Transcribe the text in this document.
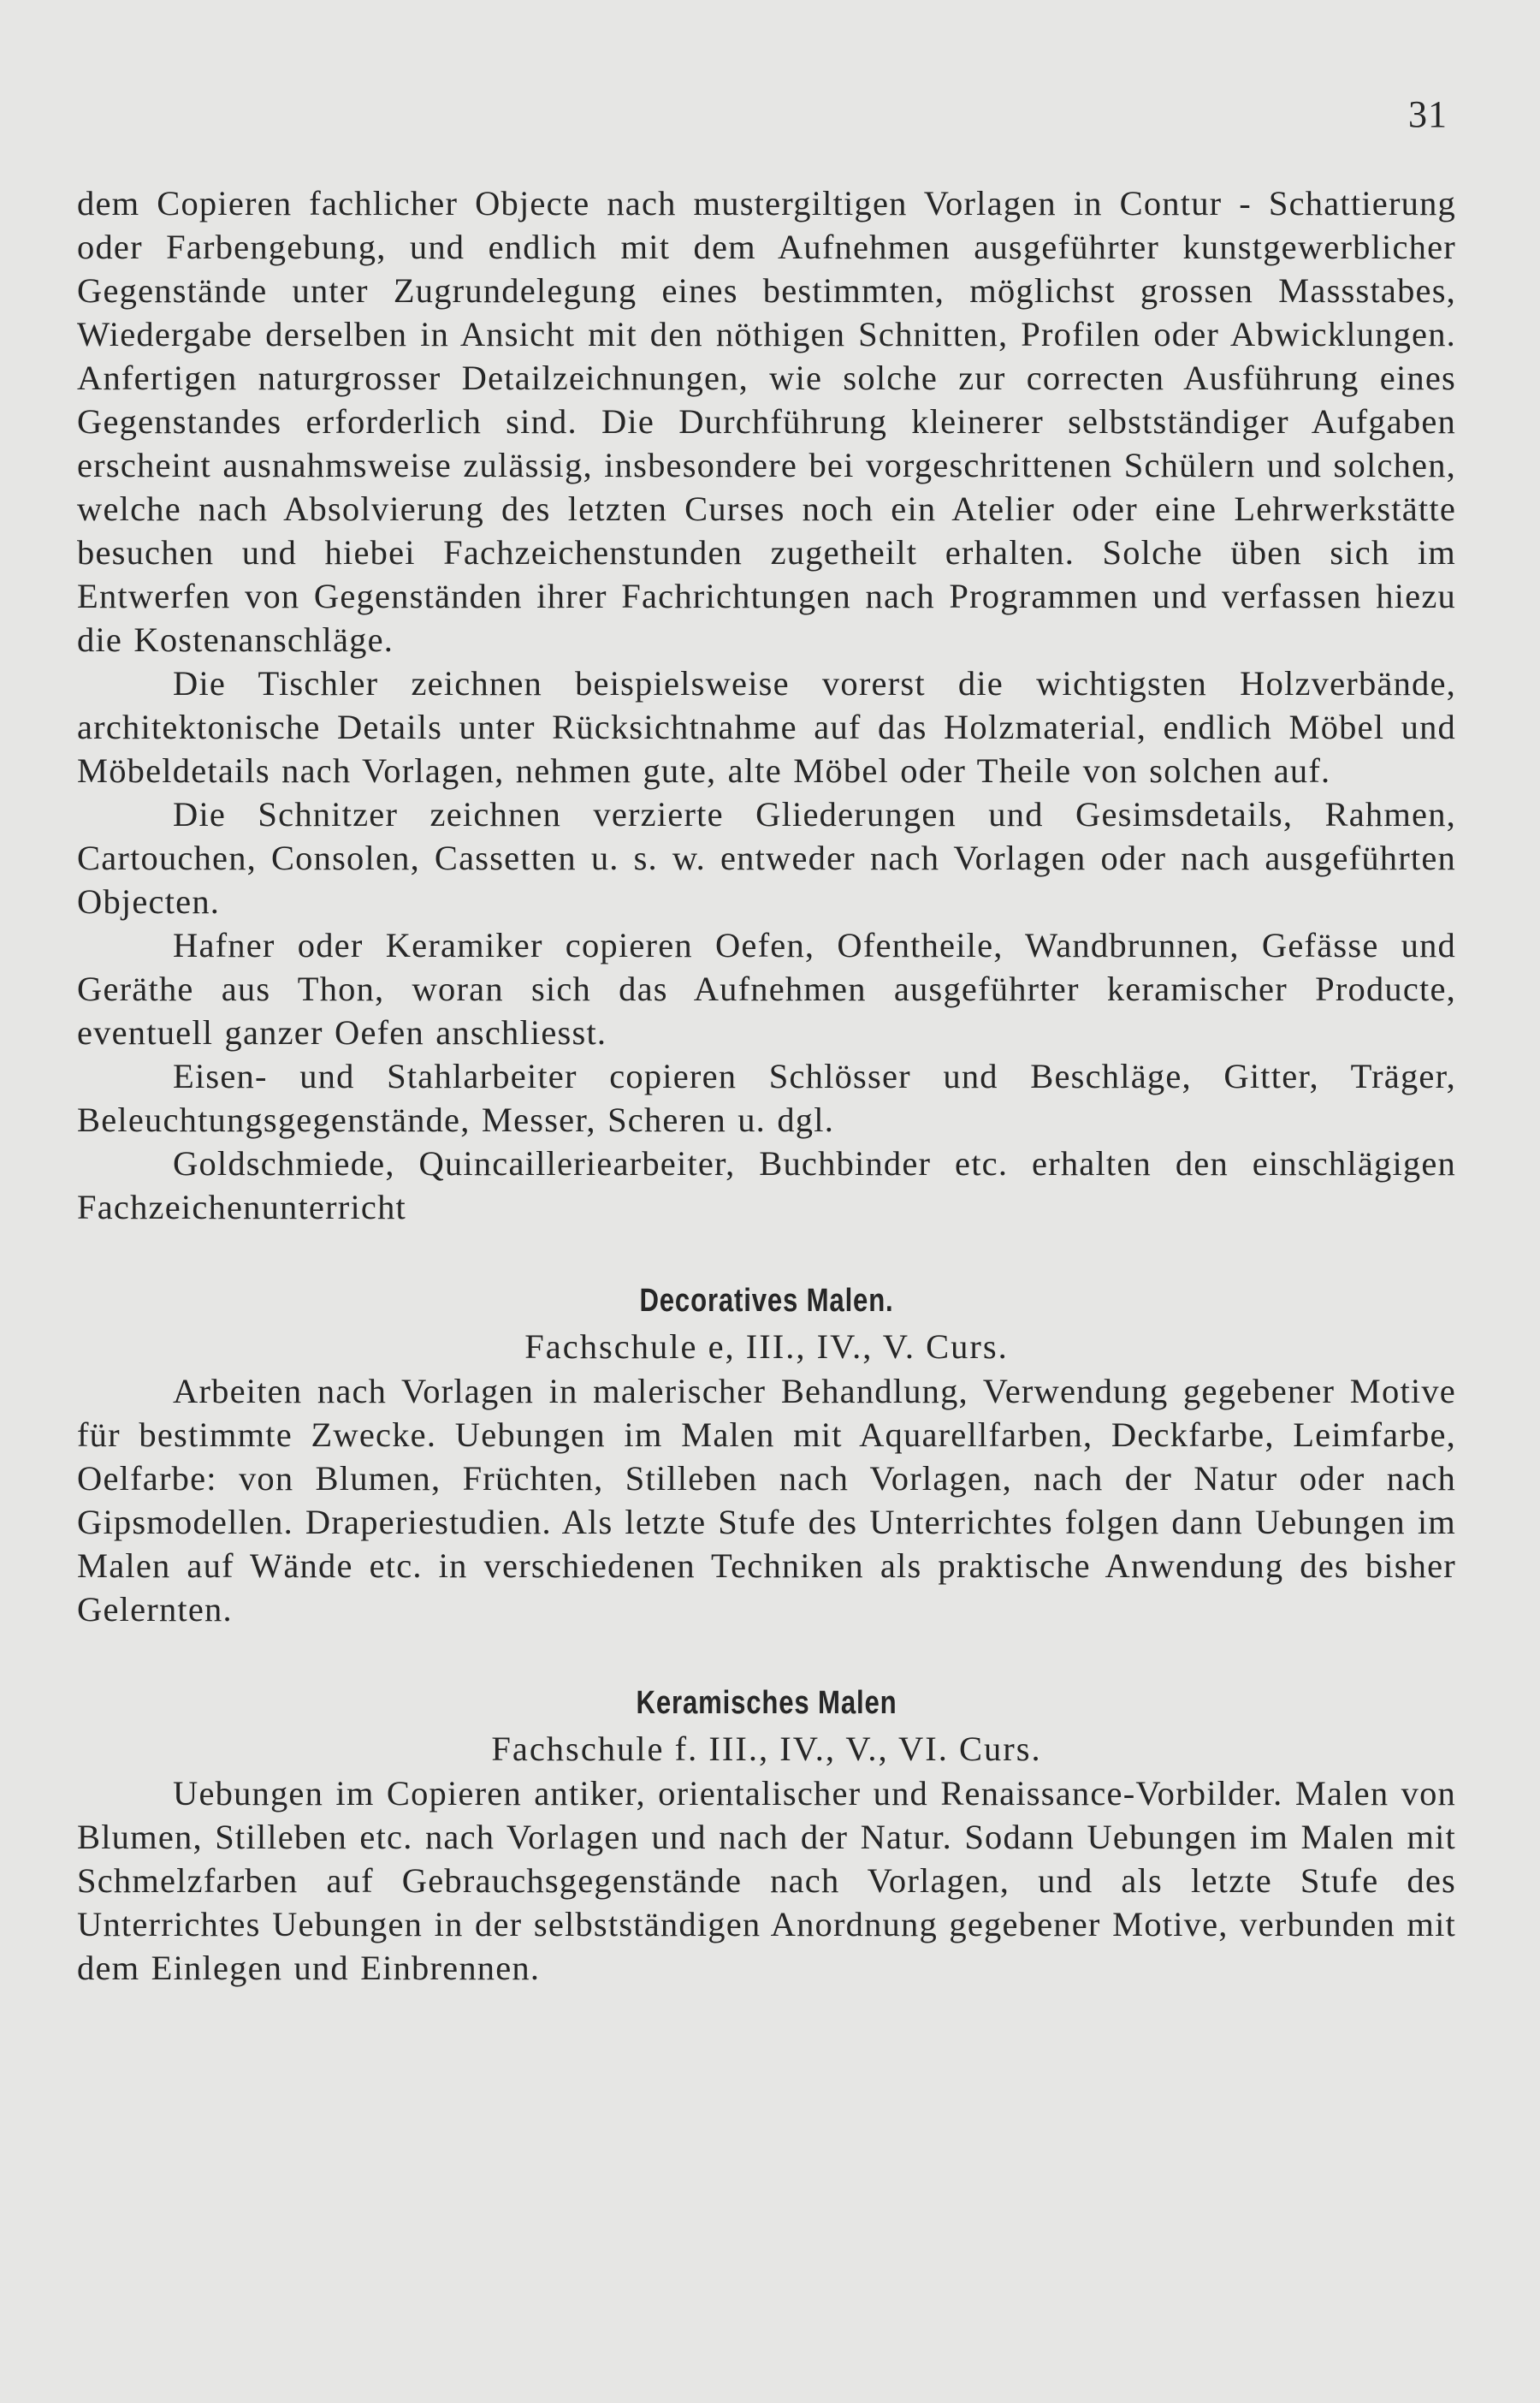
31

dem Copieren fachlicher Objecte nach mustergiltigen Vorlagen in Contur - Schattierung oder Farbengebung, und endlich mit dem Aufnehmen ausgeführter kunstgewerblicher Gegenstände unter Zugrundelegung eines bestimmten, möglichst grossen Massstabes, Wiedergabe derselben in Ansicht mit den nöthigen Schnitten, Profilen oder Abwicklungen. Anfertigen naturgrosser Detailzeichnungen, wie solche zur correcten Ausführung eines Gegenstandes erforderlich sind. Die Durchführung kleinerer selbstständiger Aufgaben erscheint ausnahmsweise zulässig, insbesondere bei vorgeschrittenen Schülern und solchen, welche nach Absolvierung des letzten Curses noch ein Atelier oder eine Lehrwerkstätte besuchen und hiebei Fachzeichenstunden zugetheilt erhalten. Solche üben sich im Entwerfen von Gegenständen ihrer Fachrichtungen nach Programmen und verfassen hiezu die Kostenanschläge.

Die Tischler zeichnen beispielsweise vorerst die wichtigsten Holzverbände, architektonische Details unter Rücksichtnahme auf das Holzmaterial, endlich Möbel und Möbeldetails nach Vorlagen, nehmen gute, alte Möbel oder Theile von solchen auf.

Die Schnitzer zeichnen verzierte Gliederungen und Gesimsdetails, Rahmen, Cartouchen, Consolen, Cassetten u. s. w. entweder nach Vorlagen oder nach ausgeführten Objecten.

Hafner oder Keramiker copieren Oefen, Ofentheile, Wandbrunnen, Gefässe und Geräthe aus Thon, woran sich das Aufnehmen ausgeführter keramischer Producte, eventuell ganzer Oefen anschliesst.

Eisen- und Stahlarbeiter copieren Schlösser und Beschläge, Gitter, Träger, Beleuchtungsgegenstände, Messer, Scheren u. dgl.

Goldschmiede, Quincailleriearbeiter, Buchbinder etc. erhalten den einschlägigen Fachzeichenunterricht

Decoratives Malen.
Fachschule e, III., IV., V. Curs.

Arbeiten nach Vorlagen in malerischer Behandlung, Verwendung gegebener Motive für bestimmte Zwecke. Uebungen im Malen mit Aquarellfarben, Deckfarbe, Leimfarbe, Oelfarbe: von Blumen, Früchten, Stilleben nach Vorlagen, nach der Natur oder nach Gipsmodellen. Draperiestudien. Als letzte Stufe des Unterrichtes folgen dann Uebungen im Malen auf Wände etc. in verschiedenen Techniken als praktische Anwendung des bisher Gelernten.

Keramisches Malen
Fachschule f. III., IV., V., VI. Curs.

Uebungen im Copieren antiker, orientalischer und Renaissance-Vorbilder. Malen von Blumen, Stilleben etc. nach Vorlagen und nach der Natur. Sodann Uebungen im Malen mit Schmelzfarben auf Gebrauchsgegenstände nach Vorlagen, und als letzte Stufe des Unterrichtes Uebungen in der selbstständigen Anordnung gegebener Motive, verbunden mit dem Einlegen und Einbrennen.
